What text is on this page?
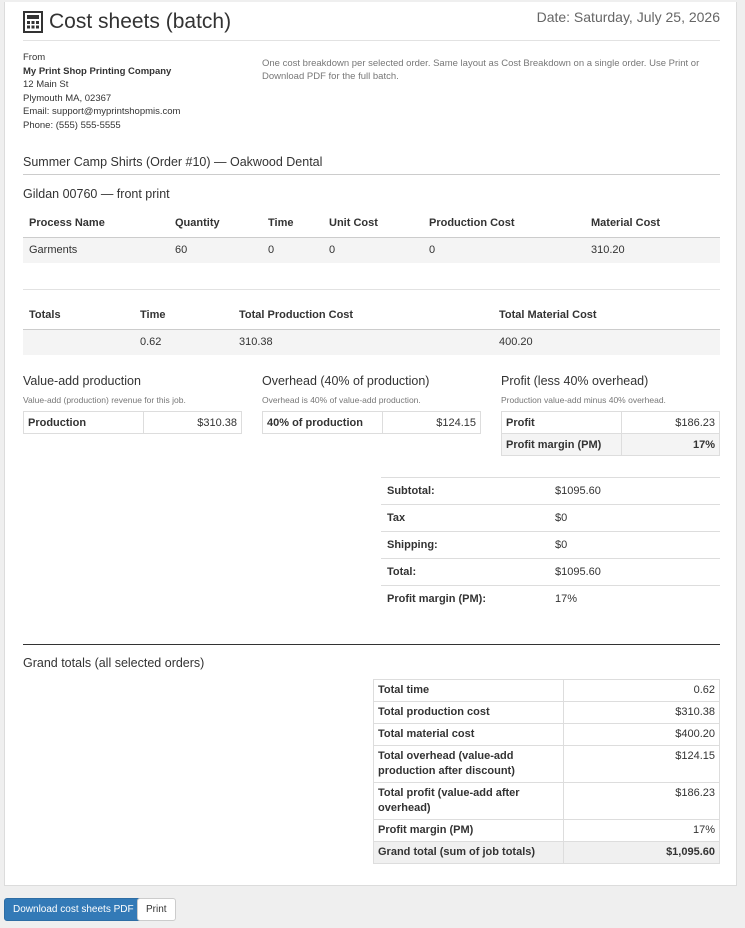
Cost sheets (batch)	Date: Saturday, July 25, 2026
From
My Print Shop Printing Company
12 Main St
Plymouth MA, 02367
Email: support@myprintshopmis.com
Phone: (555) 555-5555
One cost breakdown per selected order. Same layout as Cost Breakdown on a single order. Use Print or Download PDF for the full batch.
Summer Camp Shirts (Order #10) — Oakwood Dental
Gildan 00760 — front print
Process Name	Quantity	Time	Unit Cost	Production Cost	Material Cost
Garments	60	0	0	0	310.20
Totals	Time	Total Production Cost	Total Material Cost
	0.62	310.38	400.20
Value-add production
Value-add (production) revenue for this job.
Production	$310.38
Overhead (40% of production)
Overhead is 40% of value-add production.
40% of production	$124.15
Profit (less 40% overhead)
Production value-add minus 40% overhead.
Profit	$186.23
Profit margin (PM)	17%
Subtotal:	$1095.60
Tax	$0
Shipping:	$0
Total:	$1095.60
Profit margin (PM):	17%
Grand totals (all selected orders)
Total time	0.62
Total production cost	$310.38
Total material cost	$400.20
Total overhead (value-add production after discount)	$124.15
Total profit (value-add after overhead)	$186.23
Profit margin (PM)	17%
Grand total (sum of job totals)	$1,095.60
Download cost sheets PDF	Print
